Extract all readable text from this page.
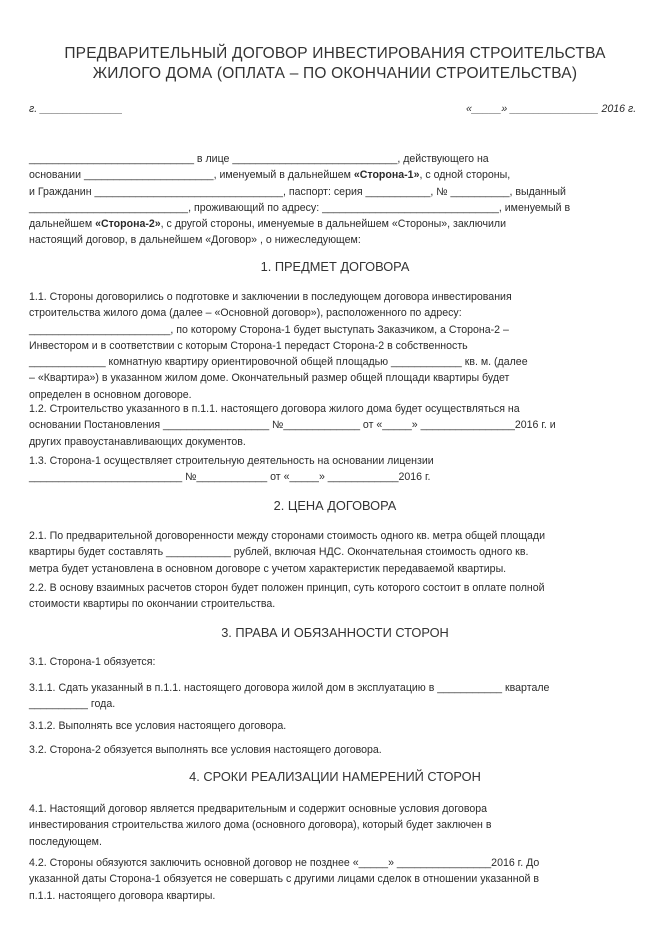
ПРЕДВАРИТЕЛЬНЫЙ ДОГОВОР ИНВЕСТИРОВАНИЯ СТРОИТЕЛЬСТВА
ЖИЛОГО ДОМА (ОПЛАТА – ПО ОКОНЧАНИИ СТРОИТЕЛЬСТВА)
г. ______________	«_____» _______________ 2016 г.
____________________________ в лице ____________________________, действующего на
основании ______________________, именуемый в дальнейшем «Сторона-1», с одной стороны,
и Гражданин ________________________________, паспорт: серия ___________, № __________, выданный
___________________________, проживающий по адресу: ______________________________, именуемый в
дальнейшем «Сторона-2», с другой стороны, именуемые в дальнейшем «Стороны», заключили
настоящий договор, в дальнейшем «Договор» , о нижеследующем:
1. ПРЕДМЕТ ДОГОВОРА
1.1. Стороны договорились о подготовке и заключении в последующем договора инвестирования
строительства жилого дома (далее – «Основной договор»), расположенного по адресу:
________________________, по которому Сторона-1 будет выступать Заказчиком, а Сторона-2 –
Инвестором и в соответствии с которым Сторона-1 передаст Сторона-2 в собственность
_____________ комнатную квартиру ориентировочной общей площадью ____________ кв. м. (далее
– «Квартира») в указанном жилом доме. Окончательный размер общей площади квартиры будет
определен в основном договоре.
1.2. Строительство указанного в п.1.1. настоящего договора жилого дома будет осуществляться на
основании Постановления __________________ №_____________ от «_____» ________________2016 г. и
других правоустанавливающих документов.
1.3. Сторона-1 осуществляет строительную деятельность на основании лицензии
__________________________ №____________ от «_____» ____________2016 г.
2. ЦЕНА ДОГОВОРА
2.1. По предварительной договоренности между сторонами стоимость одного кв. метра общей площади
квартиры будет составлять ___________ рублей, включая НДС. Окончательная стоимость одного кв.
метра будет установлена в основном договоре с учетом характеристик передаваемой квартиры.
2.2. В основу взаимных расчетов сторон будет положен принцип, суть которого состоит в оплате полной
стоимости квартиры по окончании строительства.
3. ПРАВА И ОБЯЗАННОСТИ СТОРОН
3.1. Сторона-1 обязуется:
3.1.1. Сдать указанный в п.1.1. настоящего договора жилой дом в эксплуатацию в ___________ квартале
__________ года.
3.1.2. Выполнять все условия настоящего договора.
3.2. Сторона-2 обязуется выполнять все условия настоящего договора.
4. СРОКИ РЕАЛИЗАЦИИ НАМЕРЕНИЙ СТОРОН
4.1. Настоящий договор является предварительным и содержит основные условия договора
инвестирования строительства жилого дома (основного договора), который будет заключен в
последующем.
4.2. Стороны обязуются заключить основной договор не позднее «_____» ________________2016 г. До
указанной даты Сторона-1 обязуется не совершать с другими лицами сделок в отношении указанной в
п.1.1. настоящего договора квартиры.
